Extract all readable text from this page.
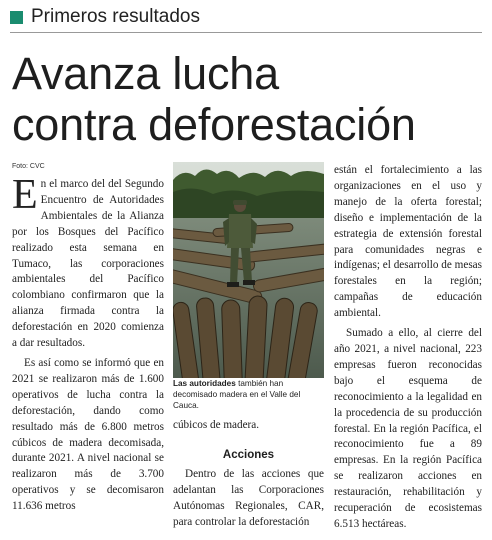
Primeros resultados
Avanza lucha
contra deforestación
Foto: CVC

En el marco del del Segundo Encuentro de Autoridades Ambientales de la Alianza por los Bosques del Pacífico realizado esta semana en Tumaco, las corporaciones ambientales del Pacífico colombiano confirmaron que la alianza firmada contra la deforestación en 2020 comienza a dar resultados.

Es así como se informó que en 2021 se realizaron más de 1.600 operativos de lucha contra la deforestación, dando como resultado más de 6.800 metros cúbicos de madera decomisada, durante 2021. A nivel nacional se realizaron más de 3.700 operativos y se decomisaron 11.636 metros

Las autoridades también han decomisado madera en el Valle del Cauca.

cúbicos de madera.

Acciones

Dentro de las acciones que adelantan las Corporaciones Autónomas Regionales, CAR, para controlar la deforestación

están el fortalecimiento a las organizaciones en el uso y manejo de la oferta forestal; diseño e implementación de la estrategia de extensión forestal para comunidades negras e indígenas; el desarrollo de mesas forestales en la región; campañas de educación ambiental.

Sumado a ello, al cierre del año 2021, a nivel nacional, 223 empresas fueron reconocidas bajo el esquema de reconocimiento a la legalidad en la procedencia de su producción forestal. En la región Pacífica, el reconocimiento fue a 89 empresas. En la región Pacífica se realizaron acciones en restauración, rehabilitación y recuperación de ecosistemas 6.513 hectáreas.
